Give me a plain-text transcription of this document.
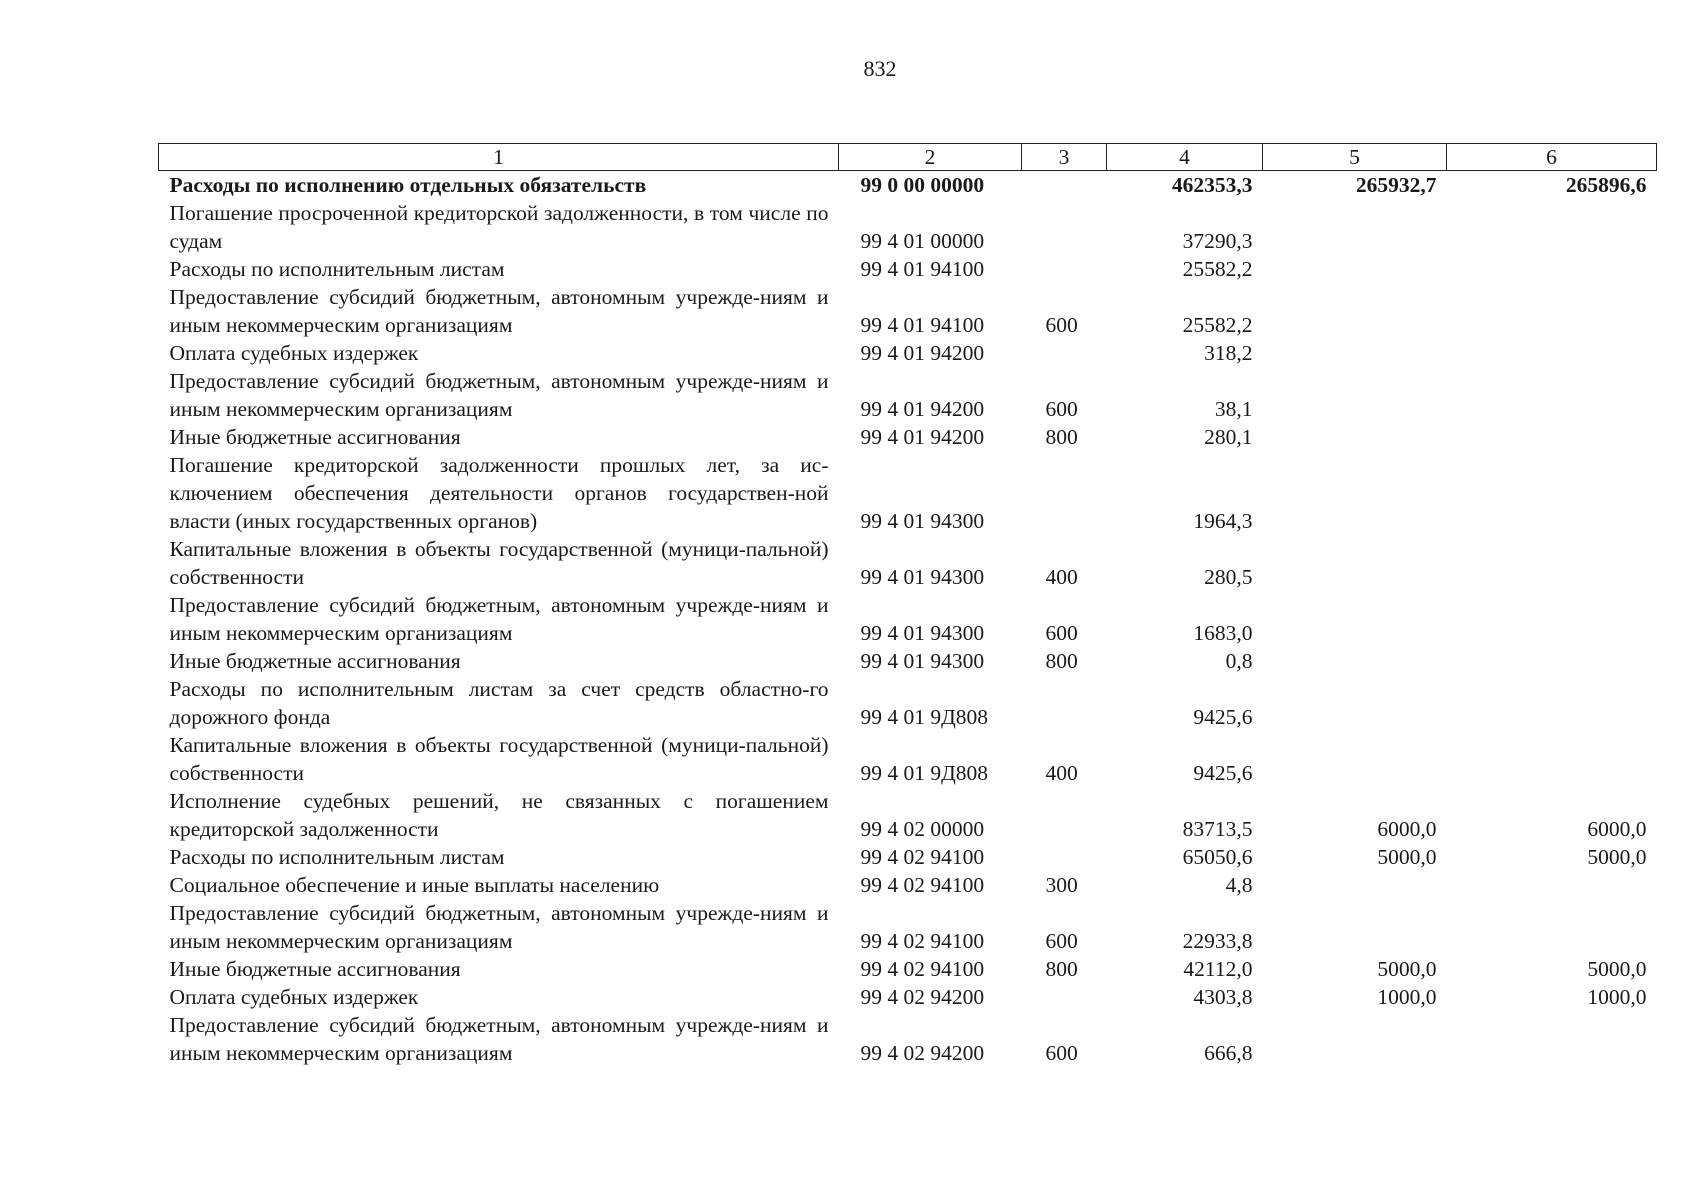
832
1	2	3	4	5	6
Расходы по исполнению отдельных обязательств	99 0 00 00000		462353,3	265932,7	265896,6
Погашение просроченной кредиторской задолженности, в том числе по судам	99 4 01 00000		37290,3		
Расходы по исполнительным листам	99 4 01 94100		25582,2		
Предоставление субсидий бюджетным, автономным учрежде-ниям и иным некоммерческим организациям	99 4 01 94100	600	25582,2		
Оплата судебных издержек	99 4 01 94200		318,2		
Предоставление субсидий бюджетным, автономным учрежде-ниям и иным некоммерческим организациям	99 4 01 94200	600	38,1		
Иные бюджетные ассигнования	99 4 01 94200	800	280,1		
Погашение кредиторской задолженности прошлых лет, за ис-ключением обеспечения деятельности органов государствен-ной власти (иных государственных органов)	99 4 01 94300		1964,3		
Капитальные вложения в объекты государственной (муници-пальной) собственности	99 4 01 94300	400	280,5		
Предоставление субсидий бюджетным, автономным учрежде-ниям и иным некоммерческим организациям	99 4 01 94300	600	1683,0		
Иные бюджетные ассигнования	99 4 01 94300	800	0,8		
Расходы по исполнительным листам за счет средств областно-го дорожного фонда	99 4 01 9Д808		9425,6		
Капитальные вложения в объекты государственной (муници-пальной) собственности	99 4 01 9Д808	400	9425,6		
Исполнение судебных решений, не связанных с погашением кредиторской задолженности	99 4 02 00000		83713,5	6000,0	6000,0
Расходы по исполнительным листам	99 4 02 94100		65050,6	5000,0	5000,0
Социальное обеспечение и иные выплаты населению	99 4 02 94100	300	4,8		
Предоставление субсидий бюджетным, автономным учрежде-ниям и иным некоммерческим организациям	99 4 02 94100	600	22933,8		
Иные бюджетные ассигнования	99 4 02 94100	800	42112,0	5000,0	5000,0
Оплата судебных издержек	99 4 02 94200		4303,8	1000,0	1000,0
Предоставление субсидий бюджетным, автономным учрежде-ниям и иным некоммерческим организациям	99 4 02 94200	600	666,8		
